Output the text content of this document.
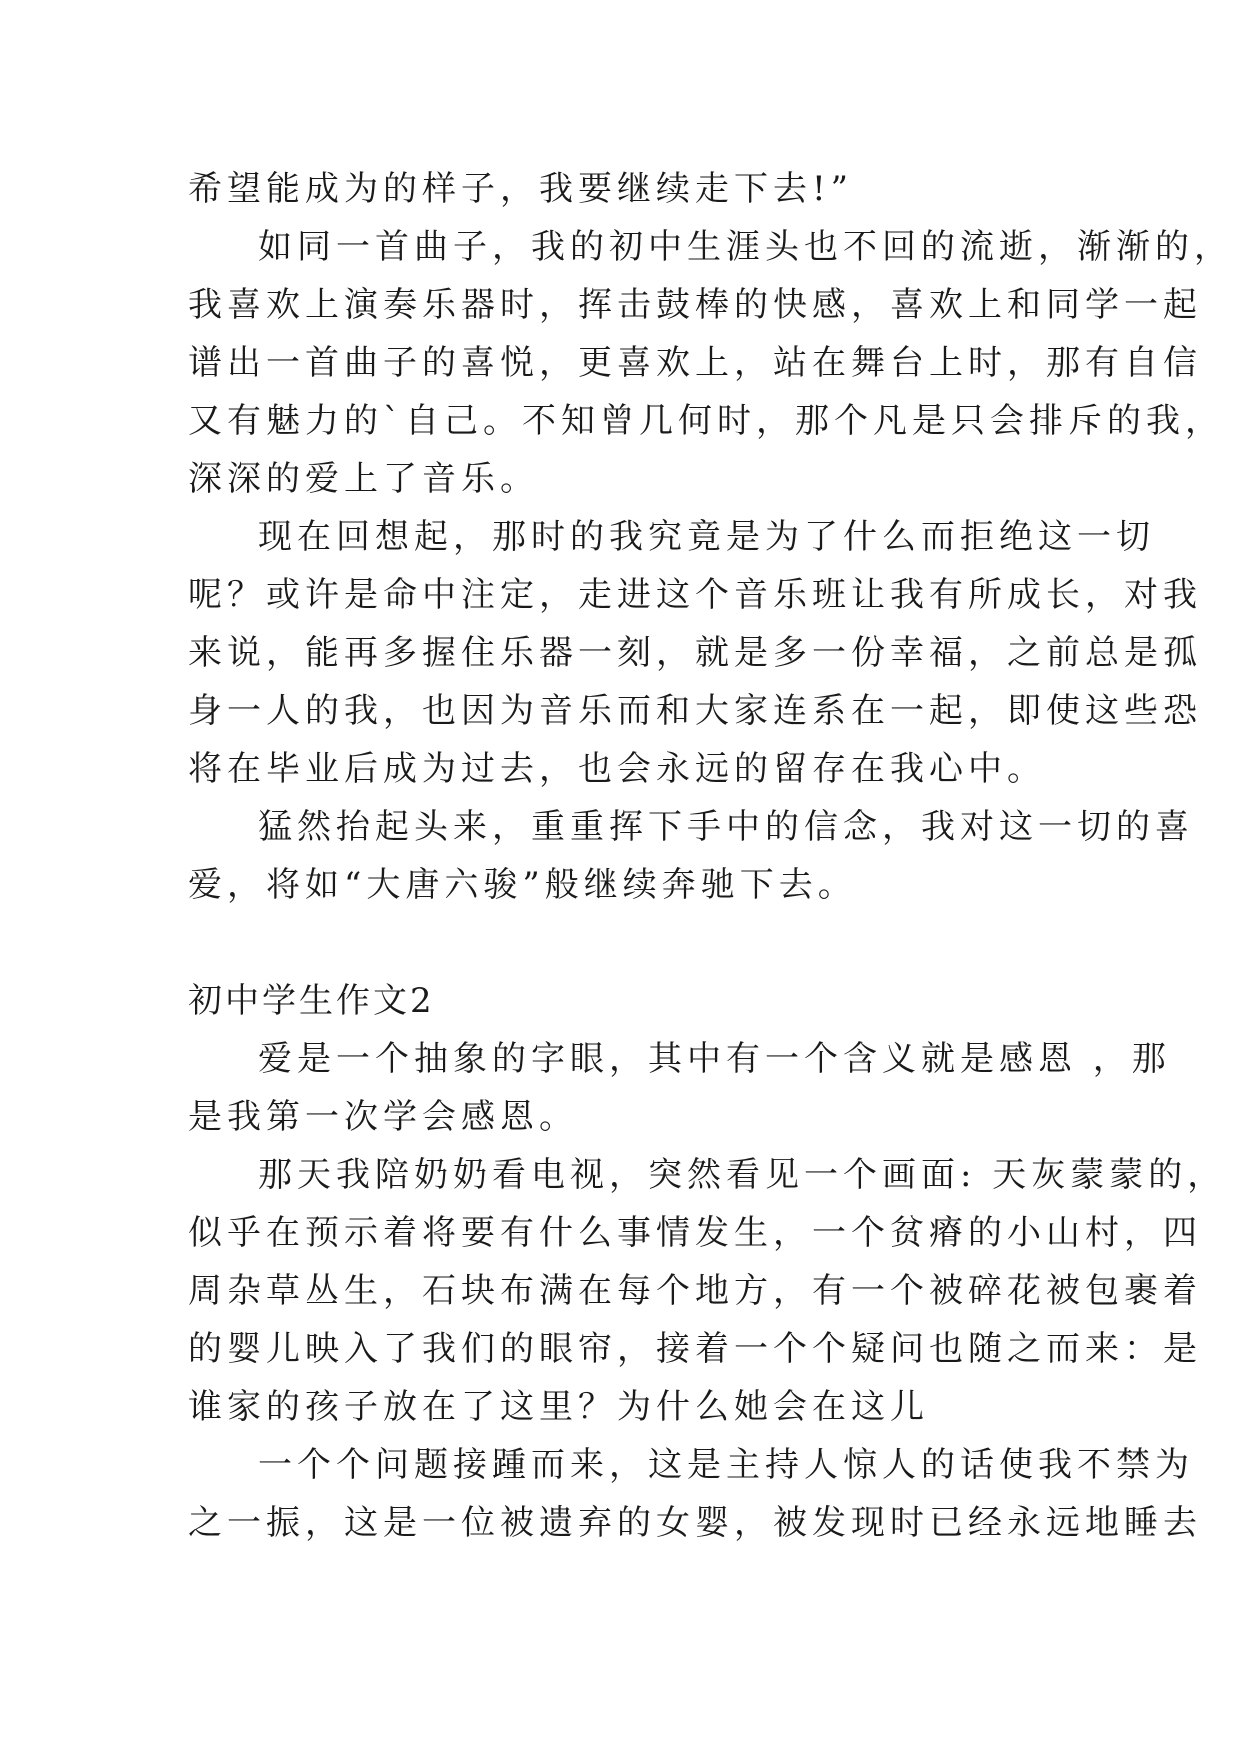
希望能成为的样子，我要继续走下去!”
如同一首曲子，我的初中生涯头也不回的流逝，渐渐的，
我喜欢上演奏乐器时，挥击鼓棒的快感，喜欢上和同学一起
谱出一首曲子的喜悦，更喜欢上，站在舞台上时，那有自信
又有魅力的`自己。不知曾几何时，那个凡是只会排斥的我，
深深的爱上了音乐。
现在回想起，那时的我究竟是为了什么而拒绝这一切
呢？或许是命中注定，走进这个音乐班让我有所成长，对我
来说，能再多握住乐器一刻，就是多一份幸福，之前总是孤
身一人的我，也因为音乐而和大家连系在一起，即使这些恐
将在毕业后成为过去，也会永远的留存在我心中。
猛然抬起头来，重重挥下手中的信念，我对这一切的喜
爱，将如“大唐六骏”般继续奔驰下去。
初中学生作文2
爱是一个抽象的字眼，其中有一个含义就是感恩 ，那
是我第一次学会感恩。
那天我陪奶奶看电视，突然看见一个画面: 天灰蒙蒙的，
似乎在预示着将要有什么事情发生，一个贫瘠的小山村，四
周杂草丛生，石块布满在每个地方，有一个被碎花被包裹着
的婴儿映入了我们的眼帘，接着一个个疑问也随之而来：是
谁家的孩子放在了这里？为什么她会在这儿
一个个问题接踵而来，这是主持人惊人的话使我不禁为
之一振，这是一位被遗弃的女婴，被发现时已经永远地睡去
